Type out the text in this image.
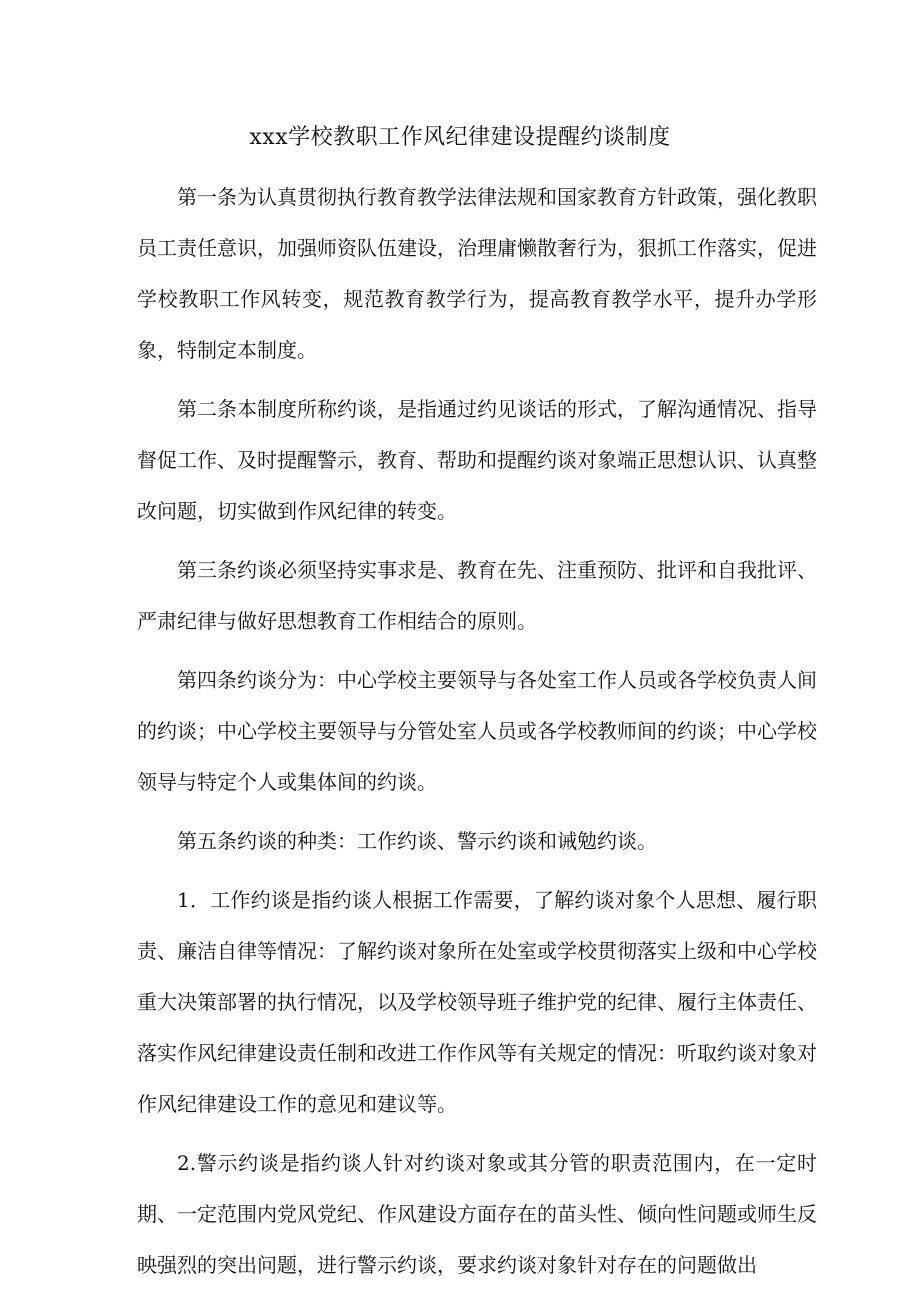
xxx学校教职工作风纪律建设提醒约谈制度

第一条为认真贯彻执行教育教学法律法规和国家教育方针政策，强化教职员工责任意识，加强师资队伍建设，治理庸懒散奢行为，狠抓工作落实，促进学校教职工作风转变，规范教育教学行为，提高教育教学水平，提升办学形象，特制定本制度。

第二条本制度所称约谈，是指通过约见谈话的形式，了解沟通情况、指导督促工作、及时提醒警示，教育、帮助和提醒约谈对象端正思想认识、认真整改问题，切实做到作风纪律的转变。

第三条约谈必须坚持实事求是、教育在先、注重预防、批评和自我批评、严肃纪律与做好思想教育工作相结合的原则。

第四条约谈分为：中心学校主要领导与各处室工作人员或各学校负责人间的约谈；中心学校主要领导与分管处室人员或各学校教师间的约谈；中心学校领导与特定个人或集体间的约谈。

第五条约谈的种类：工作约谈、警示约谈和诫勉约谈。

1．工作约谈是指约谈人根据工作需要，了解约谈对象个人思想、履行职责、廉洁自律等情况：了解约谈对象所在处室或学校贯彻落实上级和中心学校重大决策部署的执行情况，以及学校领导班子维护党的纪律、履行主体责任、落实作风纪律建设责任制和改进工作作风等有关规定的情况：听取约谈对象对作风纪律建设工作的意见和建议等。

2.警示约谈是指约谈人针对约谈对象或其分管的职责范围内，在一定时期、一定范围内党风党纪、作风建设方面存在的苗头性、倾向性问题或师生反映强烈的突出问题，进行警示约谈，要求约谈对象针对存在的问题做出
